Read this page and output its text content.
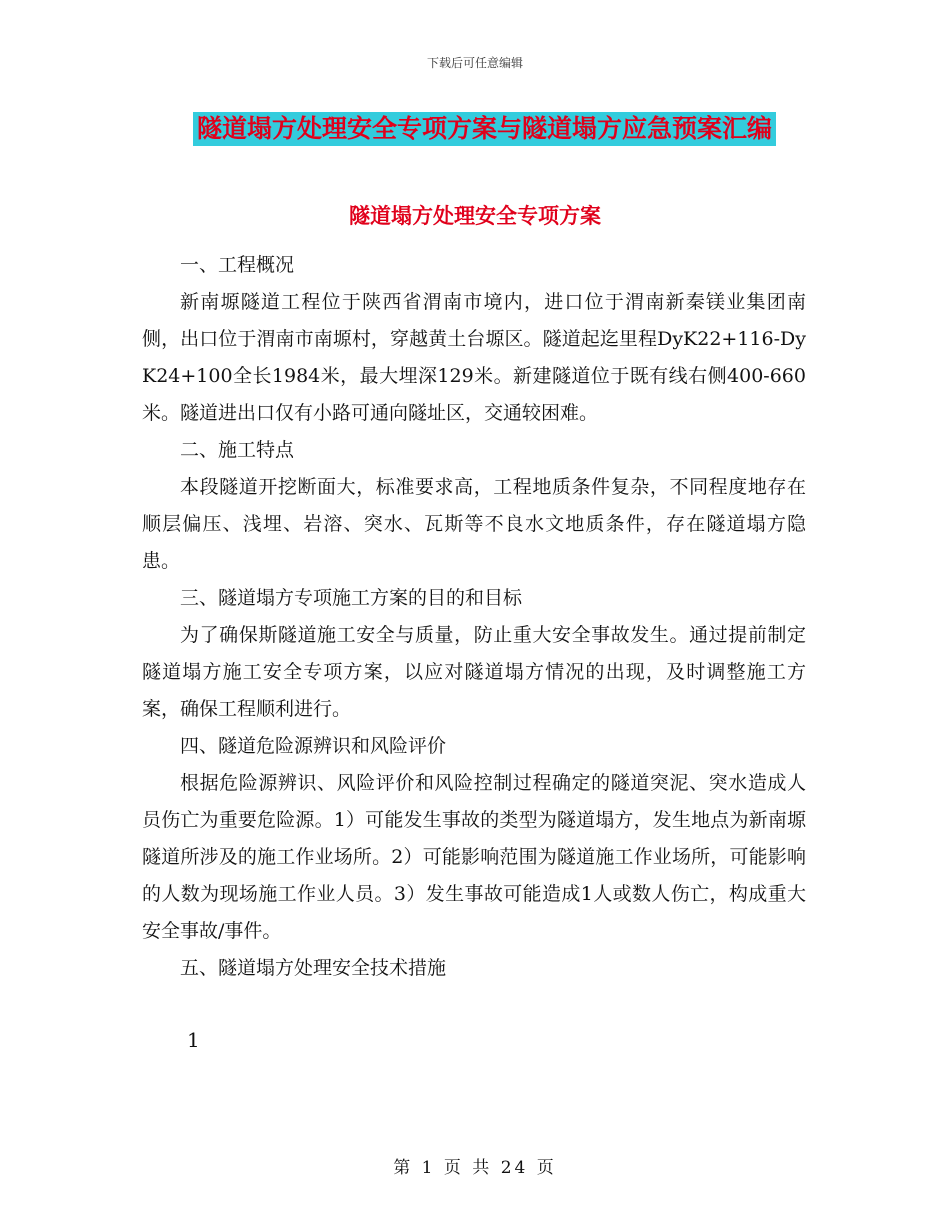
下载后可任意编辑
隧道塌方处理安全专项方案与隧道塌方应急预案汇编
隧道塌方处理安全专项方案

一、工程概况

新南塬隧道工程位于陕西省渭南市境内，进口位于渭南新秦镁业集团南侧，出口位于渭南市南塬村，穿越黄土台塬区。隧道起迄里程DyK22+116-DyK24+100全长1984米，最大埋深129米。新建隧道位于既有线右侧400-660米。隧道进出口仅有小路可通向隧址区，交通较困难。

二、施工特点

本段隧道开挖断面大，标准要求高，工程地质条件复杂，不同程度地存在顺层偏压、浅埋、岩溶、突水、瓦斯等不良水文地质条件，存在隧道塌方隐患。

三、隧道塌方专项施工方案的目的和目标

为了确保斯隧道施工安全与质量，防止重大安全事故发生。通过提前制定隧道塌方施工安全专项方案，以应对隧道塌方情况的出现，及时调整施工方案，确保工程顺利进行。

四、隧道危险源辨识和风险评价

根据危险源辨识、风险评价和风险控制过程确定的隧道突泥、突水造成人员伤亡为重要危险源。1）可能发生事故的类型为隧道塌方，发生地点为新南塬隧道所涉及的施工作业场所。2）可能影响范围为隧道施工作业场所，可能影响的人数为现场施工作业人员。3）发生事故可能造成1人或数人伤亡，构成重大安全事故/事件。

五、隧道塌方处理安全技术措施

1
第 1 页 共 24 页
